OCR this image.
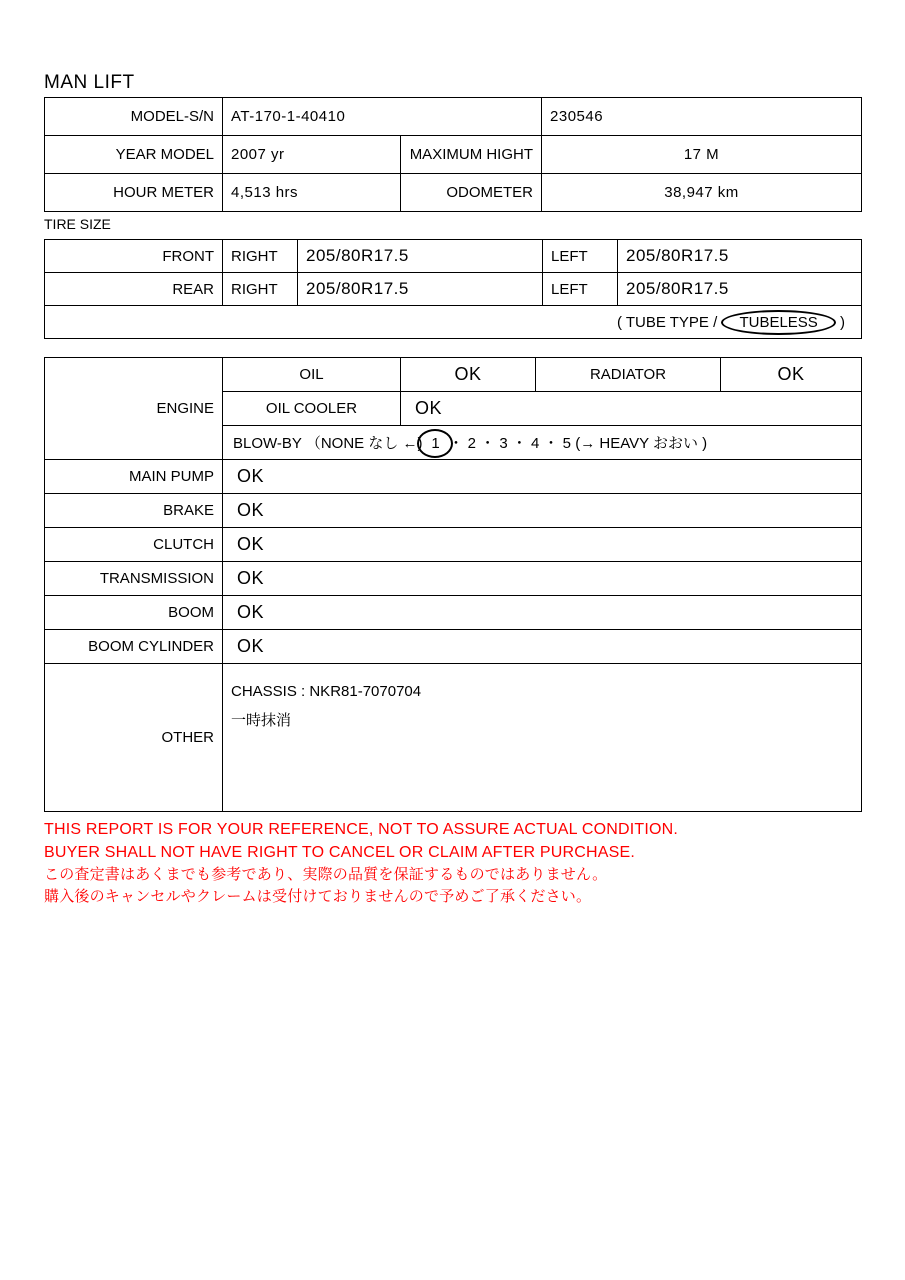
MAN LIFT
MODEL-S/N	AT-170-1-40410		230546
YEAR MODEL	2007 yr	MAXIMUM HIGHT	17 M
HOUR METER	4,513 hrs	ODOMETER	38,947 km
TIRE SIZE
FRONT	RIGHT	205/80R17.5	LEFT	205/80R17.5
REAR	RIGHT	205/80R17.5	LEFT	205/80R17.5
( TUBE TYPE / TUBELESS )				
ENGINE	OIL	OK	RADIATOR	OK
	OIL COOLER	OK		
	BLOW-BY （NONE なし ←) 1 ・ 2 ・ 3 ・ 4 ・ 5 (→ HEAVY おおい )			
MAIN PUMP	OK			
BRAKE	OK			
CLUTCH	OK			
TRANSMISSION	OK			
BOOM	OK			
BOOM CYLINDER	OK			
OTHER	CHASSIS : NKR81-7070704
一時抹消			
THIS REPORT IS FOR YOUR REFERENCE, NOT TO ASSURE ACTUAL CONDITION.
BUYER SHALL NOT HAVE RIGHT TO CANCEL OR CLAIM AFTER PURCHASE.
この査定書はあくまでも参考であり、実際の品質を保証するものではありません。
購入後のキャンセルやクレームは受付けておりませんので予めご了承ください。
